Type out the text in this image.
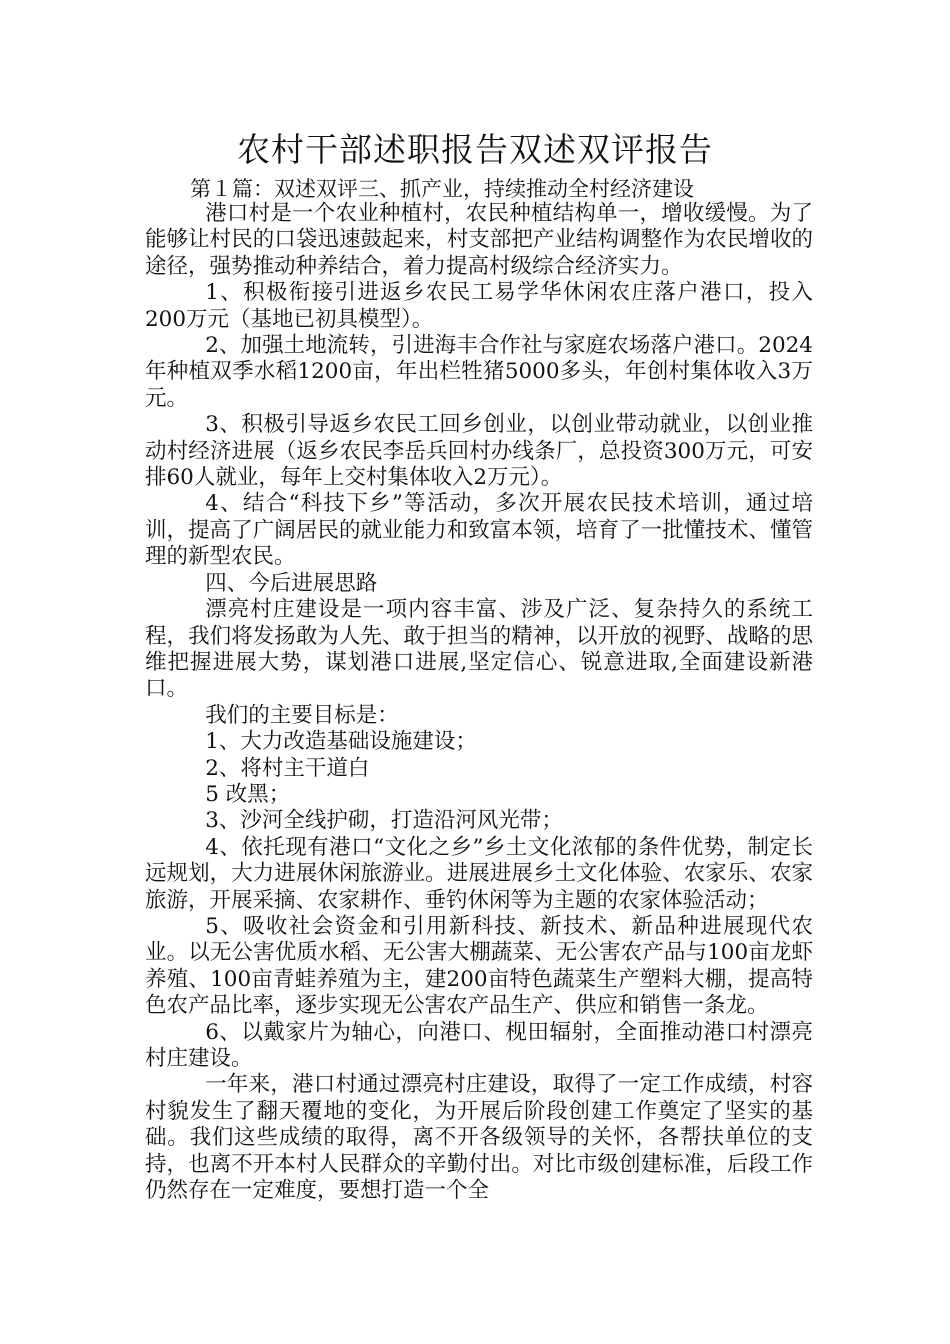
农村干部述职报告双述双评报告
第１篇：双述双评三、抓产业，持续推动全村经济建设

港口村是一个农业种植村，农民种植结构单一，增收缓慢。为了能够让村民的口袋迅速鼓起来，村支部把产业结构调整作为农民增收的途径，强势推动种养结合，着力提高村级综合经济实力。

1、积极衔接引进返乡农民工易学华休闲农庄落户港口，投入200万元（基地已初具模型）。

2、加强土地流转，引进海丰合作社与家庭农场落户港口。2024年种植双季水稻1200亩，年出栏牲猪5000多头，年创村集体收入3万元。

3、积极引导返乡农民工回乡创业，以创业带动就业，以创业推动村经济进展（返乡农民李岳兵回村办线条厂，总投资300万元，可安排60人就业，每年上交村集体收入2万元）。

4、结合“科技下乡”等活动，多次开展农民技术培训，通过培训，提高了广阔居民的就业能力和致富本领，培育了一批懂技术、懂管理的新型农民。

四、今后进展思路

漂亮村庄建设是一项内容丰富、涉及广泛、复杂持久的系统工程，我们将发扬敢为人先、敢于担当的精神，以开放的视野、战略的思维把握进展大势，谋划港口进展,坚定信心、锐意进取,全面建设新港口。

我们的主要目标是：

1、大力改造基础设施建设；

2、将村主干道白

5 改黑；

3、沙河全线护砌，打造沿河风光带；

4、依托现有港口“文化之乡”乡土文化浓郁的条件优势，制定长远规划，大力进展休闲旅游业。进展进展乡土文化体验、农家乐、农家旅游，开展采摘、农家耕作、垂钓休闲等为主题的农家体验活动；

5、吸收社会资金和引用新科技、新技术、新品种进展现代农业。以无公害优质水稻、无公害大棚蔬菜、无公害农产品与100亩龙虾养殖、100亩青蛙养殖为主，建200亩特色蔬菜生产塑料大棚，提高特色农产品比率，逐步实现无公害农产品生产、供应和销售一条龙。

6、以戴家片为轴心，向港口、枧田辐射，全面推动港口村漂亮村庄建设。

一年来，港口村通过漂亮村庄建设，取得了一定工作成绩，村容村貌发生了翻天覆地的变化，为开展后阶段创建工作奠定了坚实的基础。我们这些成绩的取得，离不开各级领导的关怀，各帮扶单位的支持，也离不开本村人民群众的辛勤付出。对比市级创建标准，后段工作仍然存在一定难度，要想打造一个全
